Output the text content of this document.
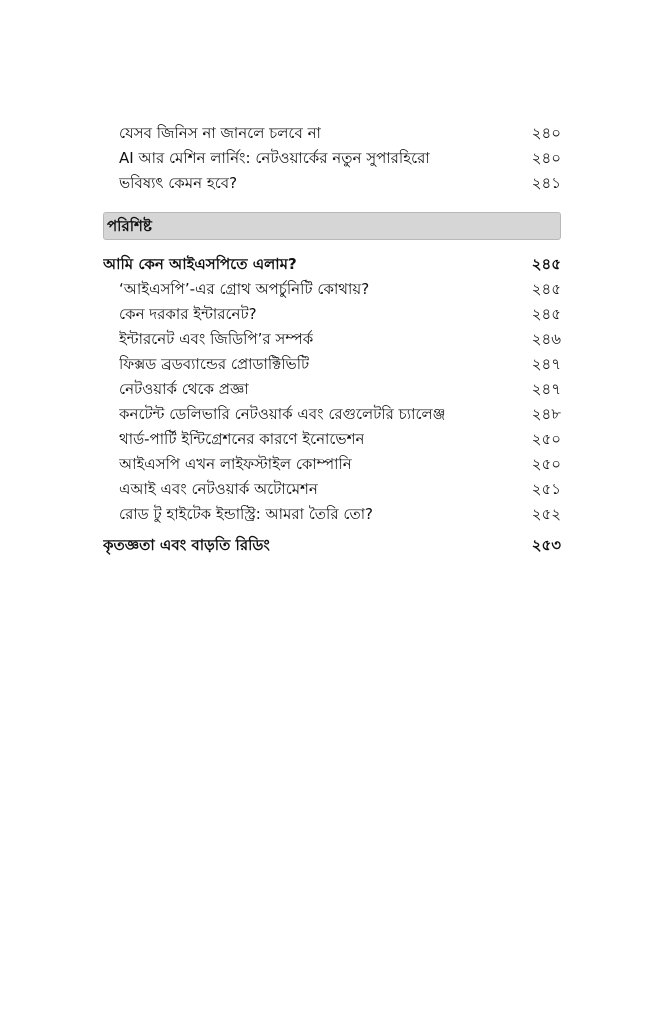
যেসব জিনিস না জানলে চলবে না	২৪০
AI আর মেশিন লার্নিং: নেটওয়ার্কের নতুন সুপারহিরো	২৪০
ভবিষ্যৎ কেমন হবে?	২৪১
পরিশিষ্ট
আমি কেন আইএসপিতে এলাম?	২৪৫
‘আইএসপি’-এর গ্রোথ অপর্চুনিটি কোথায়?	২৪৫
কেন দরকার ইন্টারনেট?	২৪৫
ইন্টারনেট এবং জিডিপি’র সম্পর্ক	২৪৬
ফিক্সড ব্রডব্যান্ডের প্রোডাক্টিভিটি	২৪৭
নেটওয়ার্ক থেকে প্রজ্ঞা	২৪৭
কনটেন্ট ডেলিভারি নেটওয়ার্ক এবং রেগুলেটরি চ্যালেঞ্জ	২৪৮
থার্ড-পার্টি ইন্টিগ্রেশনের কারণে ইনোভেশন	২৫০
আইএসপি এখন লাইফস্টাইল কোম্পানি	২৫০
এআই এবং নেটওয়ার্ক অটোমেশন	২৫১
রোড টু হাইটেক ইন্ডাস্ট্রি: আমরা তৈরি তো?	২৫২
কৃতজ্ঞতা এবং বাড়তি রিডিং	২৫৩
